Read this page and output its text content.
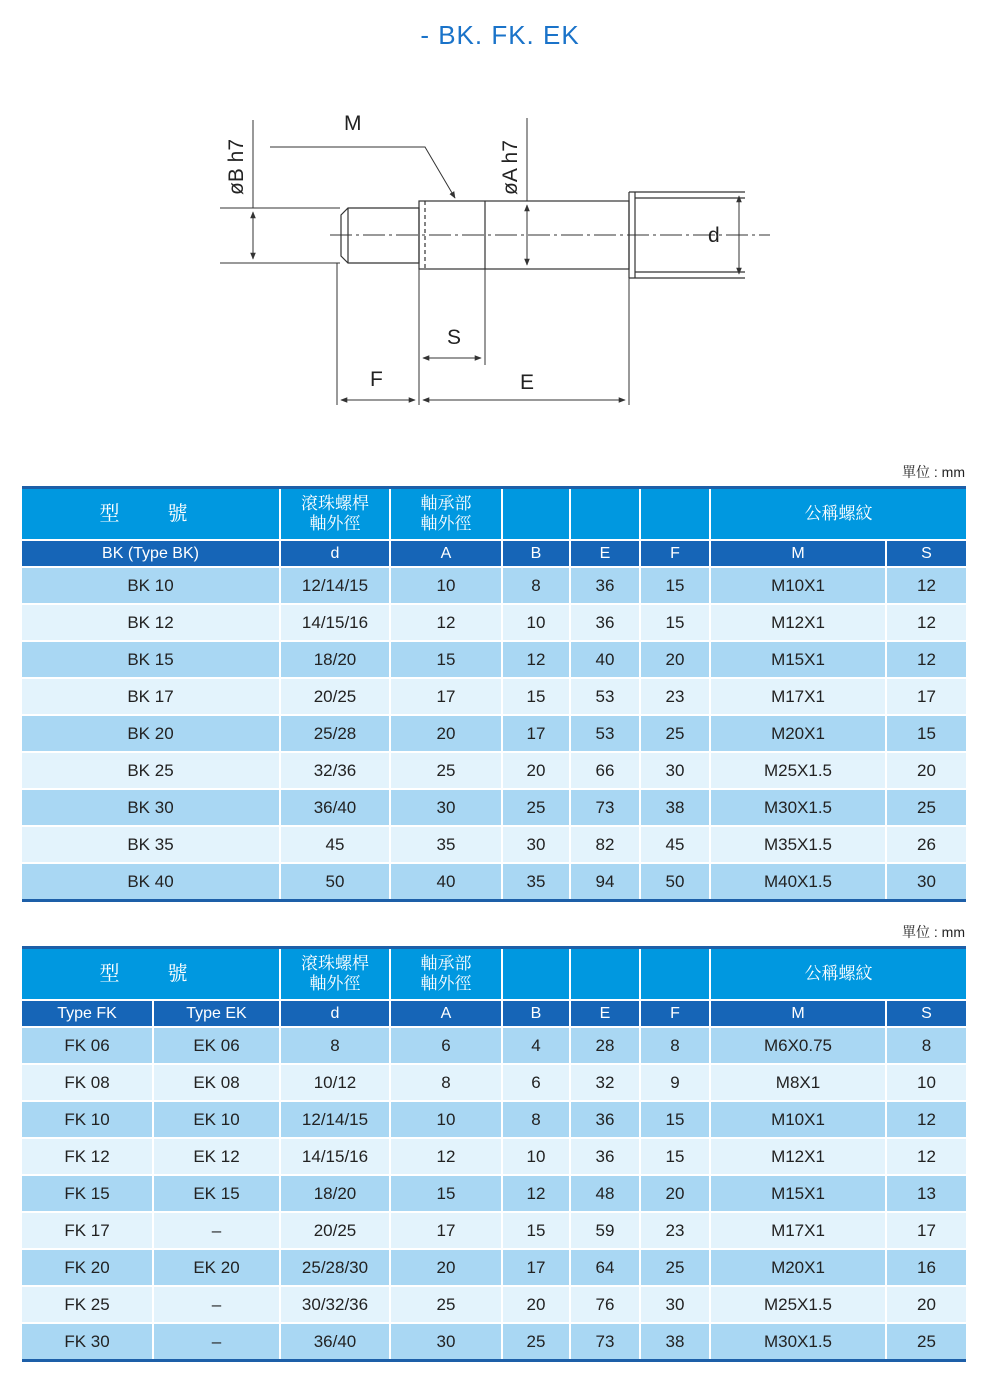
- BK. FK. EK
M
øB h7	øA h7
d
S
F	E
單位 : mm
型　號	滾珠螺桿
軸外徑	軸承部
軸外徑				公稱螺紋	
BK (Type BK)	d	A	B	E	F	M	S
BK 10	12/14/15	10	8	36	15	M10X1	12
BK 12	14/15/16	12	10	36	15	M12X1	12
BK 15	18/20	15	12	40	20	M15X1	12
BK 17	20/25	17	15	53	23	M17X1	17
BK 20	25/28	20	17	53	25	M20X1	15
BK 25	32/36	25	20	66	30	M25X1.5	20
BK 30	36/40	30	25	73	38	M30X1.5	25
BK 35	45	35	30	82	45	M35X1.5	26
BK 40	50	40	35	94	50	M40X1.5	30
單位 : mm
型　號		滾珠螺桿
軸外徑	軸承部
軸外徑				公稱螺紋	
Type FK	Type EK	d	A	B	E	F	M	S
FK 06	EK 06	8	6	4	28	8	M6X0.75	8
FK 08	EK 08	10/12	8	6	32	9	M8X1	10
FK 10	EK 10	12/14/15	10	8	36	15	M10X1	12
FK 12	EK 12	14/15/16	12	10	36	15	M12X1	12
FK 15	EK 15	18/20	15	12	48	20	M15X1	13
FK 17	–	20/25	17	15	59	23	M17X1	17
FK 20	EK 20	25/28/30	20	17	64	25	M20X1	16
FK 25	–	30/32/36	25	20	76	30	M25X1.5	20
FK 30	–	36/40	30	25	73	38	M30X1.5	25
